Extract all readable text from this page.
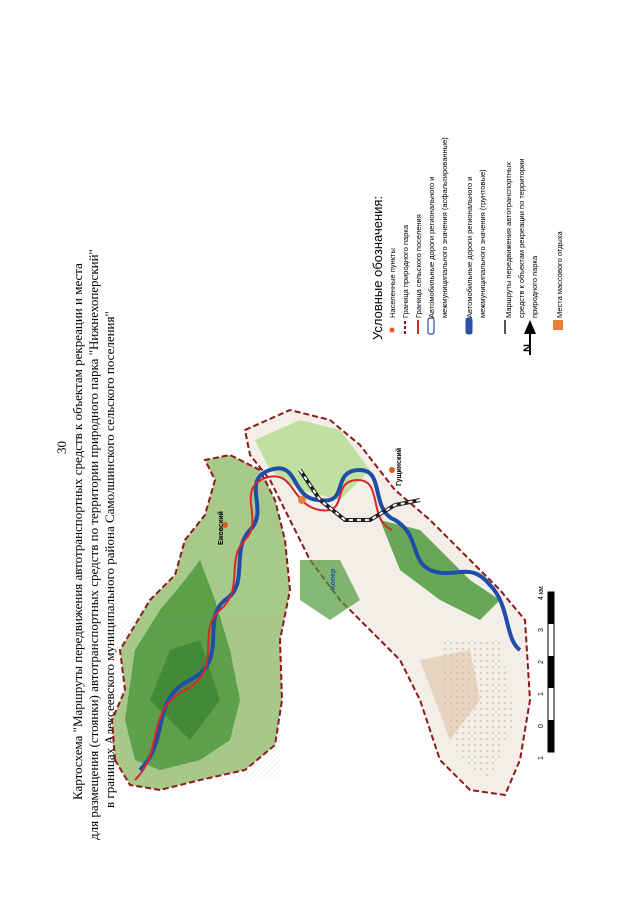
30 Картосхема "Маршруты передвижения автотранспортных средств к объектам рекреации и места для размещения (стоянки) автотранспортных средств по территории природного парка "Нижнехоперский" в границах Алексеевского муниципального района Самолшинского сельского поселения"
Условные обозначения: Населенные пункты Граница природного парка Граница сельского поселения Автомобильные дороги регионального и межмуниципального значения (асфальтированные) Автомобильные дороги регионального и межмуниципального значения (грунтовые) Маршруты передвижения автотранспортных средств к объектам рекреации по территории природного парка Места массового отдыха
N
1
0
1
2
3
4 км
Гущинский
Ежовский
Хопер
